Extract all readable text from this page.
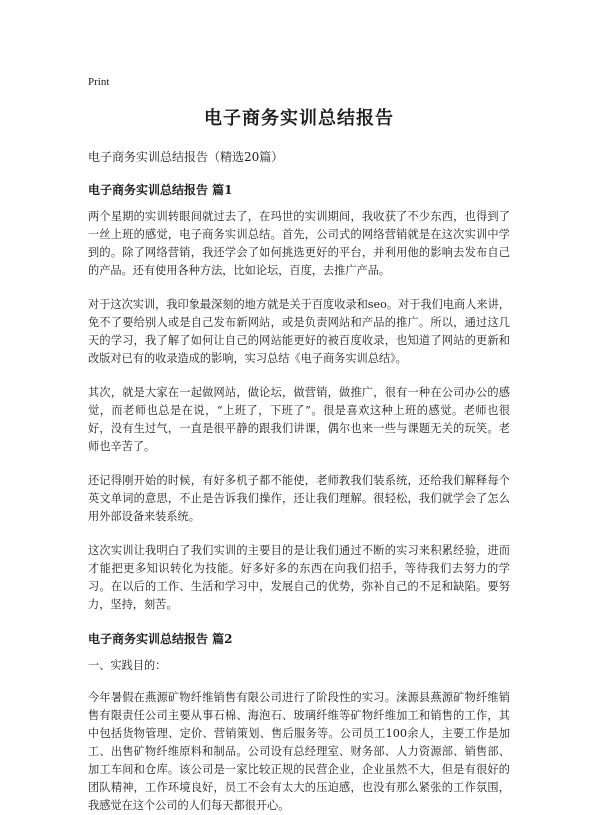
Print
电子商务实训总结报告
电子商务实训总结报告（精选20篇）
电子商务实训总结报告 篇1

两个星期的实训转眼间就过去了，在玛世的实训期间，我收获了不少东西，也得到了一丝上班的感觉，电子商务实训总结。首先，公司式的网络营销就是在这次实训中学到的。除了网络营销，我还学会了如何挑选更好的平台，并利用他的影响去发布自己的产品。还有使用各种方法，比如论坛，百度，去推广产品。

对于这次实训，我印象最深刻的地方就是关于百度收录和seo。对于我们电商人来讲，免不了要给别人或是自己发布新网站，或是负责网站和产品的推广。所以，通过这几天的学习，我了解了如何让自己的网站能更好的被百度收录，也知道了网站的更新和改版对已有的收录造成的影响，实习总结《电子商务实训总结》。

其次，就是大家在一起做网站，做论坛，做营销，做推广，很有一种在公司办公的感觉，而老师也总是在说，“上班了，下班了”。很是喜欢这种上班的感觉。老师也很好，没有生过气，一直是很平静的跟我们讲课，偶尔也来一些与课题无关的玩笑。老师也辛苦了。

还记得刚开始的时候，有好多机子都不能使，老师教我们装系统，还给我们解释每个英文单词的意思，不止是告诉我们操作，还让我们理解。很轻松，我们就学会了怎么用外部设备来装系统。

这次实训让我明白了我们实训的主要目的是让我们通过不断的实习来积累经验，进而才能把更多知识转化为技能。好多好多的东西在向我们招手，等待我们去努力的学习。在以后的工作、生活和学习中，发展自己的优势，弥补自己的不足和缺陷。要努力，坚持，刻苦。

电子商务实训总结报告 篇2

一、实践目的：

今年暑假在燕源矿物纤维销售有限公司进行了阶段性的实习。涞源县燕源矿物纤维销售有限责任公司主要从事石棉、海泡石、玻璃纤维等矿物纤维加工和销售的工作，其中包括货物管理、定价、营销策划、售后服务等。公司员工100余人，主要工作是加工、出售矿物纤维原料和制品。公司设有总经理室、财务部、人力资源部、销售部、加工车间和仓库。该公司是一家比较正规的民营企业，企业虽然不大，但是有很好的团队精神，工作环境良好，员工不会有太大的压迫感，也没有那么紧张的工作氛围，我感觉在这个公司的人们每天都很开心。
